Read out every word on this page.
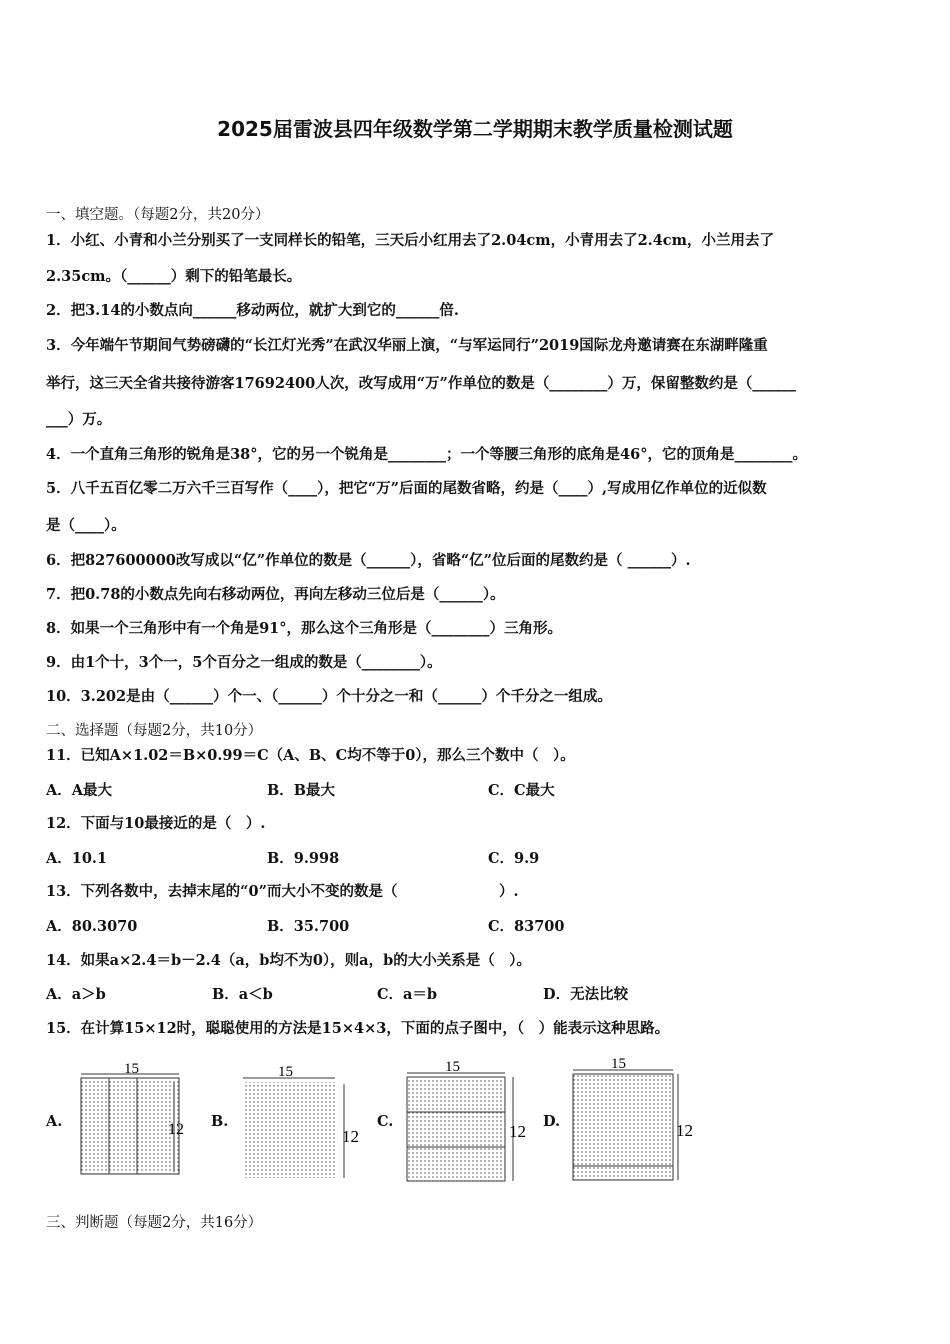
2025届雷波县四年级数学第二学期期末教学质量检测试题
一、填空题。（每题2分，共20分）
1．小红、小青和小兰分别买了一支同样长的铅笔，三天后小红用去了2.04cm，小青用去了2.4cm，小兰用去了
2.35cm。（______）剩下的铅笔最长。
2．把3.14的小数点向______移动两位，就扩大到它的______倍.
3．今年端午节期间气势磅礴的“长江灯光秀”在武汉华丽上演，“与军运同行”2019国际龙舟邀请赛在东湖畔隆重
举行，这三天全省共接待游客17692400人次，改写成用“万”作单位的数是（________）万，保留整数约是（______
___）万。
4．一个直角三角形的锐角是38°，它的另一个锐角是________；一个等腰三角形的底角是46°，它的顶角是________。
5．八千五百亿零二万六千三百写作（____），把它“万”后面的尾数省略，约是（____）,写成用亿作单位的近似数
是（____）。
6．把827600000改写成以“亿”作单位的数是（______），省略“亿”位后面的尾数约是（ ______）.
7．把0.78的小数点先向右移动两位，再向左移动三位后是（______）。
8．如果一个三角形中有一个角是91°，那么这个三角形是（________）三角形。
9．由1个十，3个一，5个百分之一组成的数是（________）。
10．3.202是由（______）个一、（______）个十分之一和（______）个千分之一组成。
二、选择题（每题2分，共10分）
11．已知A×1.02＝B×0.99＝C（A、B、C均不等于0），那么三个数中（　）。
A．A最大	B．B最大	C．C最大
12．下面与10最接近的是（　）.
A．10.1	B．9.998	C．9.9
13．下列各数中，去掉末尾的“0”而大小不变的数是（　　　　　　　）.
A．80.3070	B．35.700	C．83700
14．如果a×2.4＝b－2.4（a，b均不为0），则a，b的大小关系是（　）。
A．a＞b	B．a＜b	C．a＝b	D．无法比较
15．在计算15×12时，聪聪使用的方法是15×4×3，下面的点子图中，（　）能表示这种思路。
A.
15
12 B.
15
12
C.
15
12
D.
15
12
三、判断题（每题2分，共16分）
